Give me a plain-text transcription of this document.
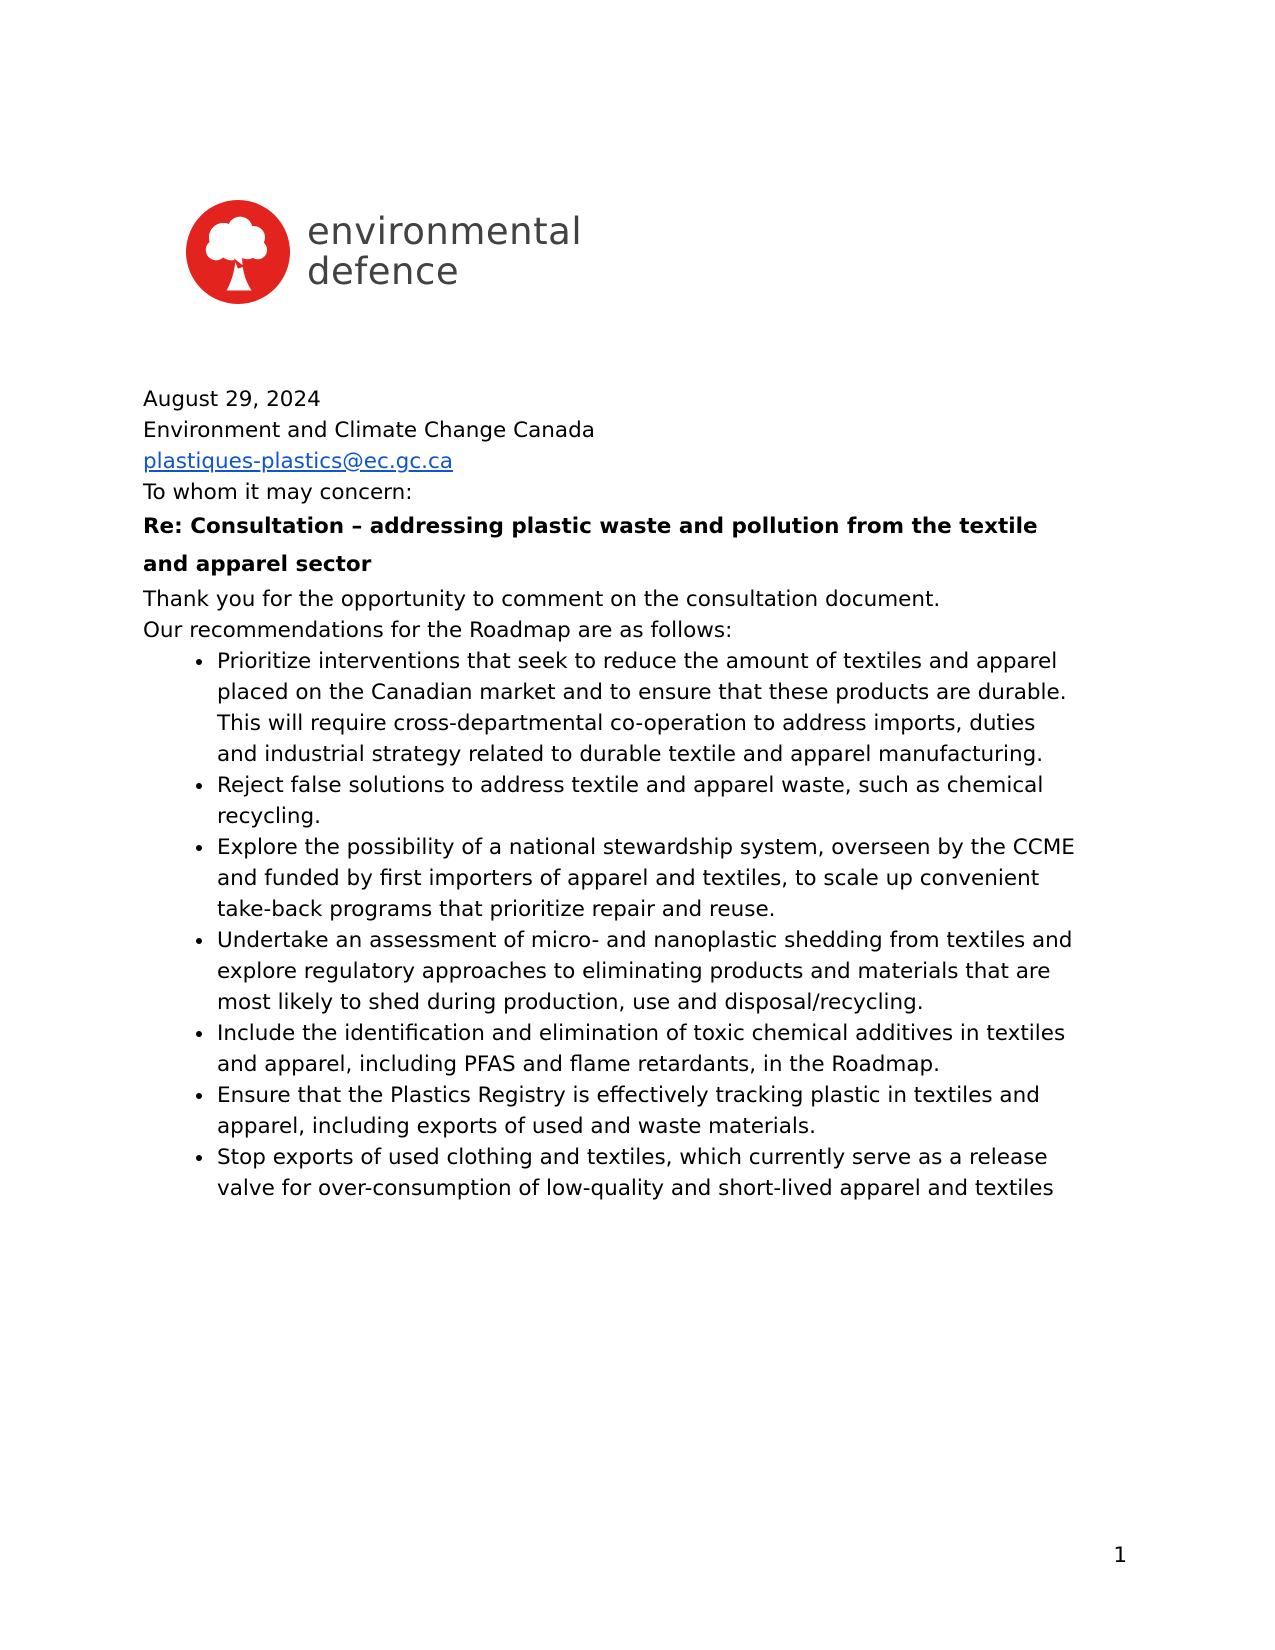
environmental
defence

August 29, 2024

Environment and Climate Change Canada

plastiques-plastics@ec.gc.ca

To whom it may concern:

Re: Consultation – addressing plastic waste and pollution from the textile and apparel sector

Thank you for the opportunity to comment on the consultation document.

Our recommendations for the Roadmap are as follows:

• Prioritize interventions that seek to reduce the amount of textiles and apparel placed on the Canadian market and to ensure that these products are durable. This will require cross-departmental co-operation to address imports, duties and industrial strategy related to durable textile and apparel manufacturing.
• Reject false solutions to address textile and apparel waste, such as chemical recycling.
• Explore the possibility of a national stewardship system, overseen by the CCME and funded by first importers of apparel and textiles, to scale up convenient take-back programs that prioritize repair and reuse.
• Undertake an assessment of micro- and nanoplastic shedding from textiles and explore regulatory approaches to eliminating products and materials that are most likely to shed during production, use and disposal/recycling.
• Include the identification and elimination of toxic chemical additives in textiles and apparel, including PFAS and flame retardants, in the Roadmap.
• Ensure that the Plastics Registry is effectively tracking plastic in textiles and apparel, including exports of used and waste materials.
• Stop exports of used clothing and textiles, which currently serve as a release valve for over-consumption of low-quality and short-lived apparel and textiles
1
